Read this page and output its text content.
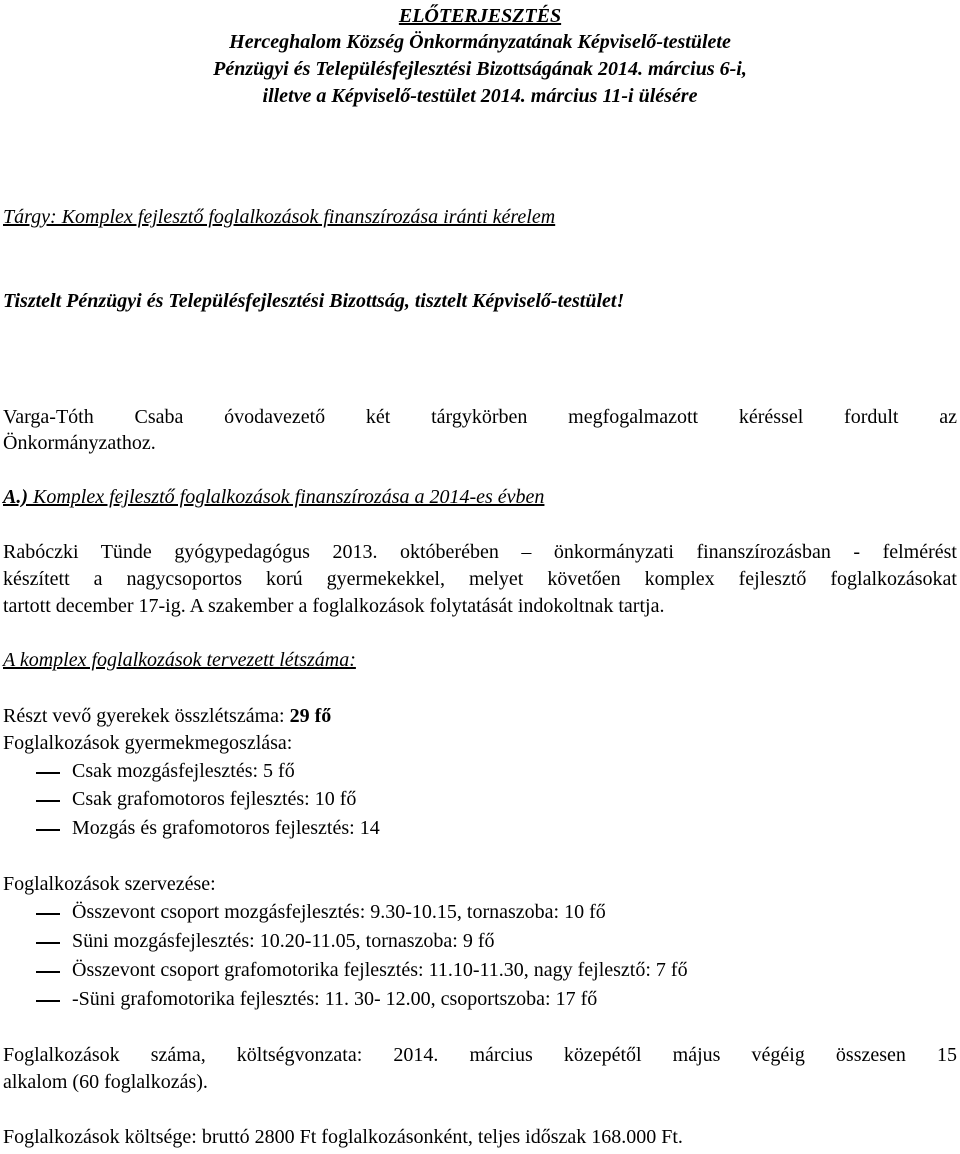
ELŐTERJESZTÉS
Herceghalom Község Önkormányzatának Képviselő-testülete
Pénzügyi és Településfejlesztési Bizottságának 2014. március 6-i,
illetve a Képviselő-testület 2014. március 11-i ülésére
Tárgy: Komplex fejlesztő foglalkozások finanszírozása iránti kérelem
Tisztelt Pénzügyi és Településfejlesztési Bizottság, tisztelt Képviselő-testület!
Varga-Tóth Csaba óvodavezető két tárgykörben megfogalmazott kéréssel fordult az
Önkormányzathoz.
A.) Komplex fejlesztő foglalkozások finanszírozása a 2014-es évben
Rabóczki Tünde gyógypedagógus 2013. októberében – önkormányzati finanszírozásban - felmérést
készített a nagycsoportos korú gyermekekkel, melyet követően komplex fejlesztő foglalkozásokat
tartott december 17-ig. A szakember a foglalkozások folytatását indokoltnak tartja.
A komplex foglalkozások tervezett létszáma:
Részt vevő gyerekek összlétszáma: 29 fő
Foglalkozások gyermekmegoszlása:
Csak mozgásfejlesztés: 5 fő
Csak grafomotoros fejlesztés: 10 fő
Mozgás és grafomotoros fejlesztés: 14
Foglalkozások szervezése:
Összevont csoport mozgásfejlesztés: 9.30-10.15, tornaszoba: 10 fő
Süni mozgásfejlesztés: 10.20-11.05, tornaszoba: 9 fő
Összevont csoport grafomotorika fejlesztés: 11.10-11.30, nagy fejlesztő: 7 fő
-Süni grafomotorika fejlesztés: 11. 30- 12.00, csoportszoba: 17 fő
Foglalkozások száma, költségvonzata: 2014. március közepétől május végéig összesen 15
alkalom (60 foglalkozás).
Foglalkozások költsége: bruttó 2800 Ft foglalkozásonként, teljes időszak 168.000 Ft.
